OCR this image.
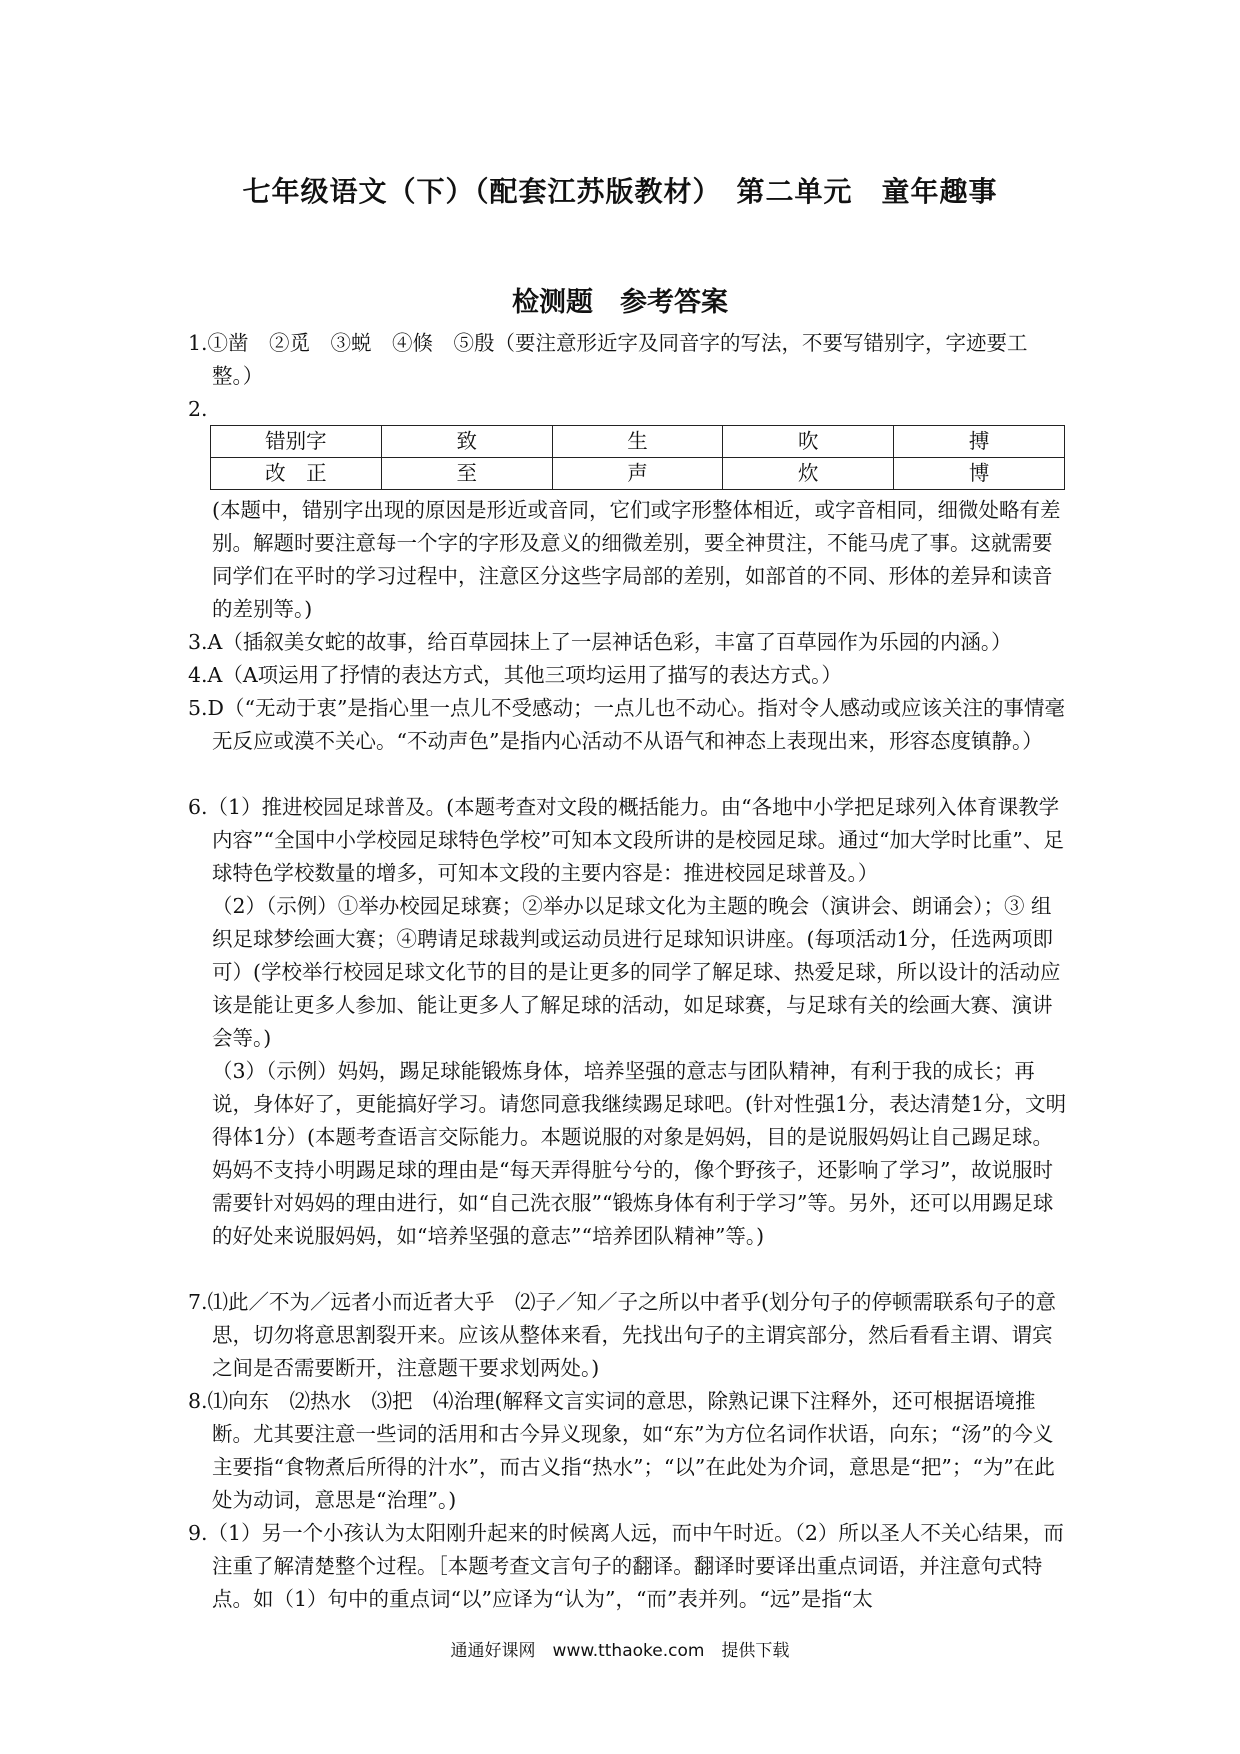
七年级语文（下）（配套江苏版教材）　第二单元　童年趣事
检测题　参考答案

1.①凿　②觅　③蜕　④倏　⑤殷（要注意形近字及同音字的写法，不要写错别字，字迹要工整。）

2.

错别字	致	生	吹	搏
改　正	至	声	炊	博

(本题中，错别字出现的原因是形近或音同，它们或字形整体相近，或字音相同，细微处略有差别。解题时要注意每一个字的字形及意义的细微差别，要全神贯注，不能马虎了事。这就需要同学们在平时的学习过程中，注意区分这些字局部的差别，如部首的不同、形体的差异和读音的差别等。)

3.A（插叙美女蛇的故事，给百草园抹上了一层神话色彩，丰富了百草园作为乐园的内涵。）

4.A（A项运用了抒情的表达方式，其他三项均运用了描写的表达方式。）

5.D（“无动于衷”是指心里一点儿不受感动；一点儿也不动心。指对令人感动或应该关注的事情毫无反应或漠不关心。“不动声色”是指内心活动不从语气和神态上表现出来，形容态度镇静。）

6.（1）推进校园足球普及。(本题考查对文段的概括能力。由“各地中小学把足球列入体育课教学内容”“全国中小学校园足球特色学校”可知本文段所讲的是校园足球。通过“加大学时比重”、足球特色学校数量的增多，可知本文段的主要内容是：推进校园足球普及。）

（2）（示例）①举办校园足球赛；②举办以足球文化为主题的晚会（演讲会、朗诵会）；③ 组织足球梦绘画大赛；④聘请足球裁判或运动员进行足球知识讲座。(每项活动1分，任选两项即可）(学校举行校园足球文化节的目的是让更多的同学了解足球、热爱足球，所以设计的活动应该是能让更多人参加、能让更多人了解足球的活动，如足球赛，与足球有关的绘画大赛、演讲会等。)

（3）（示例）妈妈，踢足球能锻炼身体，培养坚强的意志与团队精神，有利于我的成长；再说，身体好了，更能搞好学习。请您同意我继续踢足球吧。(针对性强1分，表达清楚1分，文明得体1分）(本题考查语言交际能力。本题说服的对象是妈妈，目的是说服妈妈让自己踢足球。妈妈不支持小明踢足球的理由是“每天弄得脏兮兮的，像个野孩子，还影响了学习”，故说服时需要针对妈妈的理由进行，如“自己洗衣服”“锻炼身体有利于学习”等。另外，还可以用踢足球的好处来说服妈妈，如“培养坚强的意志”“培养团队精神”等。)

7.⑴此／不为／远者小而近者大乎　⑵子／知／子之所以中者乎(划分句子的停顿需联系句子的意思，切勿将意思割裂开来。应该从整体来看，先找出句子的主谓宾部分，然后看看主谓、谓宾之间是否需要断开，注意题干要求划两处。)

8.⑴向东　⑵热水　⑶把　⑷治理(解释文言实词的意思，除熟记课下注释外，还可根据语境推断。尤其要注意一些词的活用和古今异义现象，如“东”为方位名词作状语，向东；“汤”的今义主要指“食物煮后所得的汁水”，而古义指“热水”；“以”在此处为介词，意思是“把”；“为”在此处为动词，意思是“治理”。)

9.（1）另一个小孩认为太阳刚升起来的时候离人远，而中午时近。（2）所以圣人不关心结果，而注重了解清楚整个过程。［本题考查文言句子的翻译。翻译时要译出重点词语，并注意句式特点。如（1）句中的重点词“以”应译为“认为”，“而”表并列。“远”是指“太

通通好课网　www.tthaoke.com　提供下载
